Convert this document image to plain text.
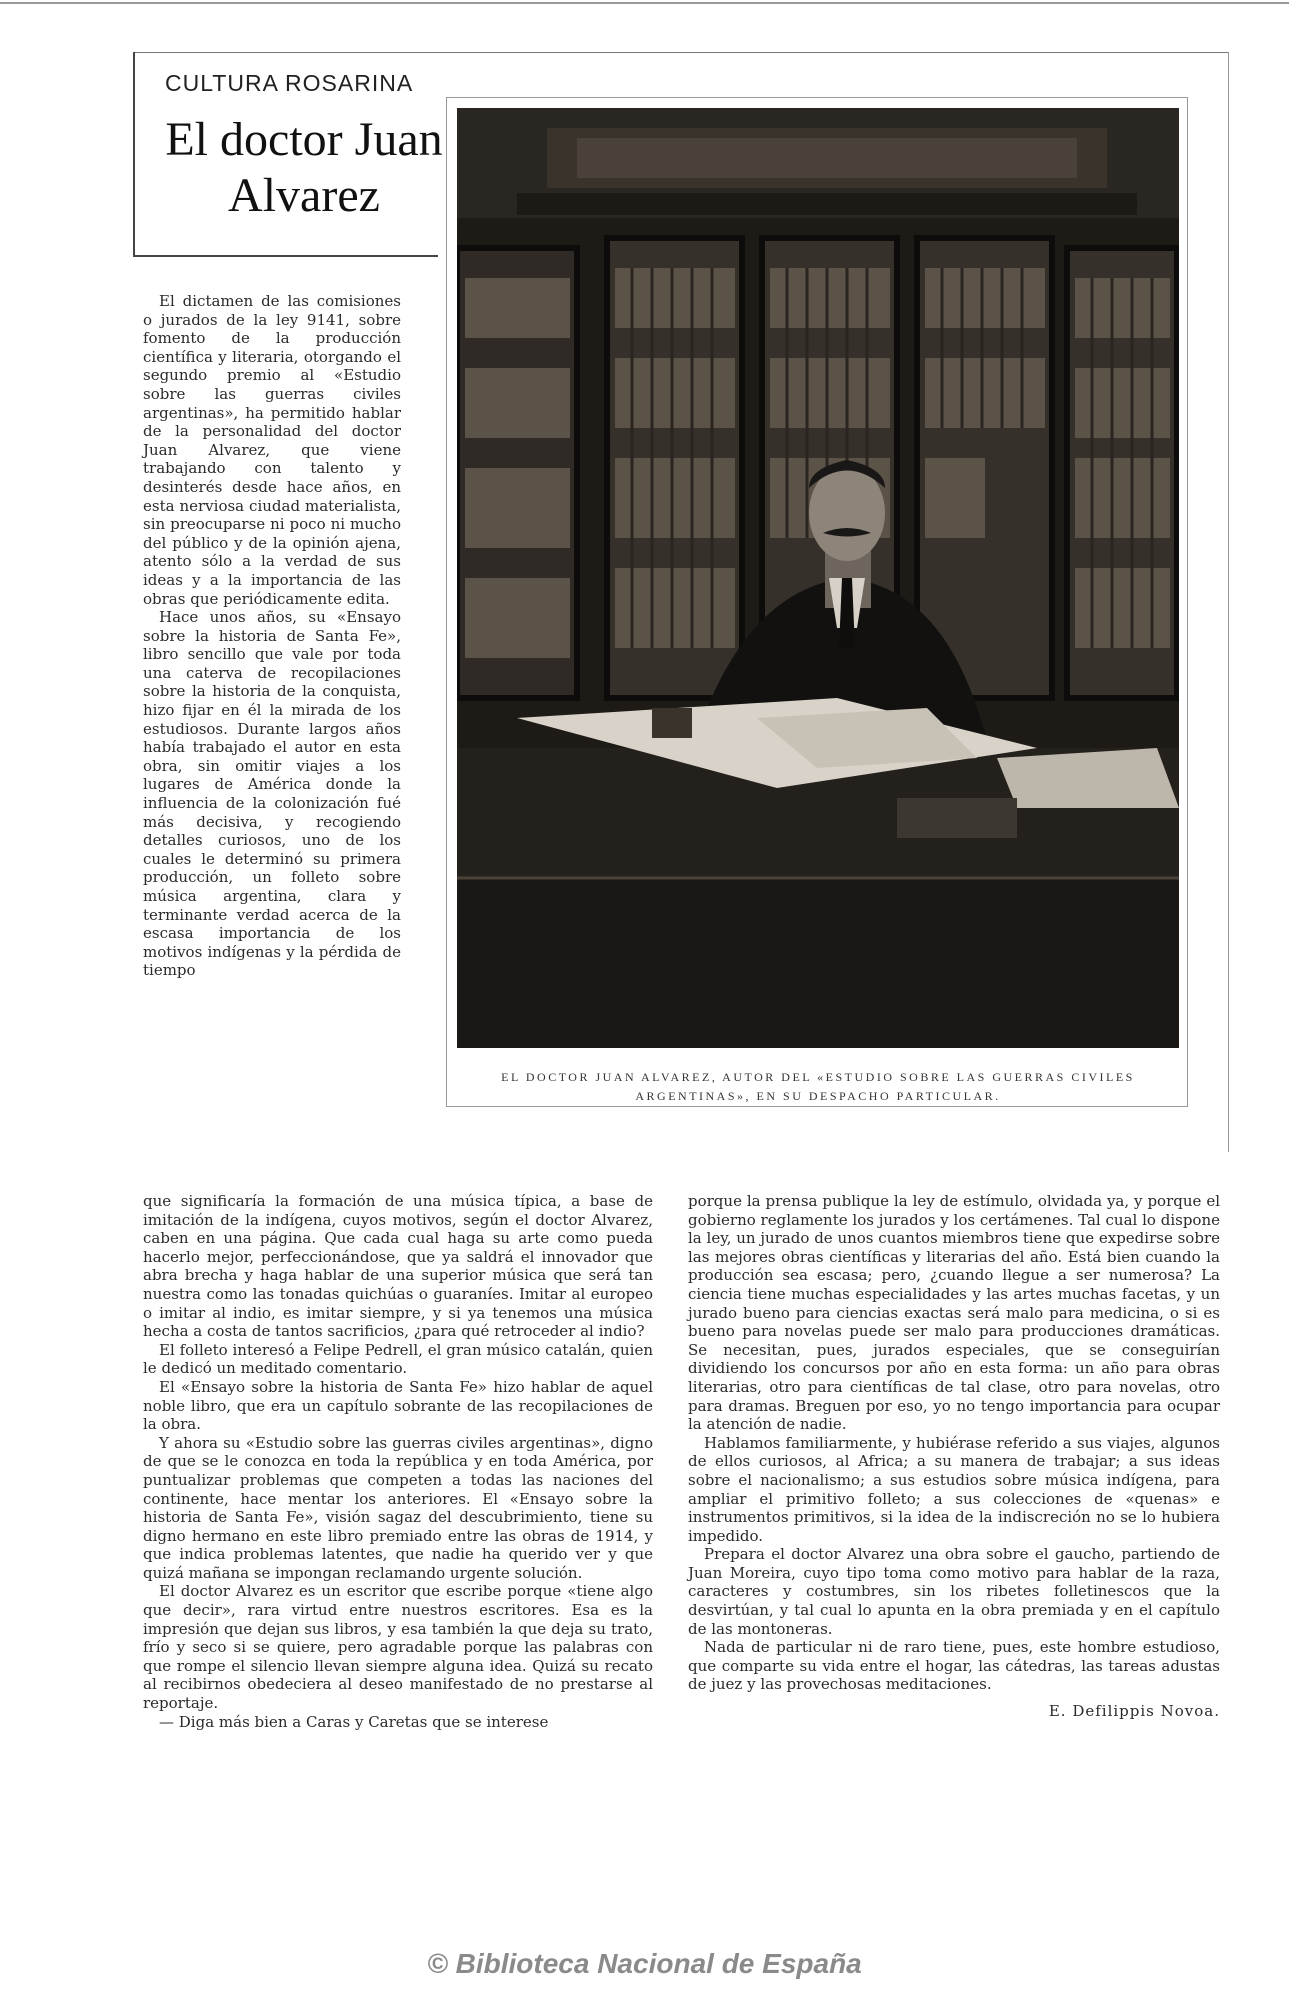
CULTURA ROSARINA
El doctor Juan Alvarez
EL DOCTOR JUAN ALVAREZ, AUTOR DEL «ESTUDIO SOBRE LAS GUERRAS CIVILES ARGENTINAS», EN SU DESPACHO PARTICULAR.

El dictamen de las comisiones o jurados de la ley 9141, sobre fomento de la producción científica y literaria, otorgando el segundo premio al «Estudio sobre las guerras civiles argentinas», ha permitido hablar de la personalidad del doctor Juan Alvarez, que viene trabajando con talento y desinterés desde hace años, en esta nerviosa ciudad materialista, sin preocuparse ni poco ni mucho del público y de la opinión ajena, atento sólo a la verdad de sus ideas y a la importancia de las obras que periódicamente edita.

Hace unos años, su «Ensayo sobre la historia de Santa Fe», libro sencillo que vale por toda una caterva de recopilaciones sobre la historia de la conquista, hizo fijar en él la mirada de los estudiosos. Durante largos años había trabajado el autor en esta obra, sin omitir viajes a los lugares de América donde la influencia de la colonización fué más decisiva, y recogiendo detalles curiosos, uno de los cuales le determinó su primera producción, un folleto sobre música argentina, clara y terminante verdad acerca de la escasa importancia de los motivos indígenas y la pérdida de tiempo

que significaría la formación de una música típica, a base de imitación de la indígena, cuyos motivos, según el doctor Alvarez, caben en una página. Que cada cual haga su arte como pueda hacerlo mejor, perfeccionándose, que ya saldrá el innovador que abra brecha y haga hablar de una superior música que será tan nuestra como las tonadas quichúas o guaraníes. Imitar al europeo o imitar al indio, es imitar siempre, y si ya tenemos una música hecha a costa de tantos sacrificios, ¿para qué retroceder al indio?

El folleto interesó a Felipe Pedrell, el gran músico catalán, quien le dedicó un meditado comentario.

El «Ensayo sobre la historia de Santa Fe» hizo hablar de aquel noble libro, que era un capítulo sobrante de las recopilaciones de la obra.

Y ahora su «Estudio sobre las guerras civiles argentinas», digno de que se le conozca en toda la república y en toda América, por puntualizar problemas que competen a todas las naciones del continente, hace mentar los anteriores. El «Ensayo sobre la historia de Santa Fe», visión sagaz del descubrimiento, tiene su digno hermano en este libro premiado entre las obras de 1914, y que indica problemas latentes, que nadie ha querido ver y que quizá mañana se impongan reclamando urgente solución.

El doctor Alvarez es un escritor que escribe porque «tiene algo que decir», rara virtud entre nuestros escritores. Esa es la impresión que dejan sus libros, y esa también la que deja su trato, frío y seco si se quiere, pero agradable porque las palabras con que rompe el silencio llevan siempre alguna idea. Quizá su recato al recibirnos obedeciera al deseo manifestado de no prestarse al reportaje.

— Diga más bien a Caras y Caretas que se interese

porque la prensa publique la ley de estímulo, olvidada ya, y porque el gobierno reglamente los jurados y los certámenes. Tal cual lo dispone la ley, un jurado de unos cuantos miembros tiene que expedirse sobre las mejores obras científicas y literarias del año. Está bien cuando la producción sea escasa; pero, ¿cuando llegue a ser numerosa? La ciencia tiene muchas especialidades y las artes muchas facetas, y un jurado bueno para ciencias exactas será malo para medicina, o si es bueno para novelas puede ser malo para producciones dramáticas. Se necesitan, pues, jurados especiales, que se conseguirían dividiendo los concursos por año en esta forma: un año para obras literarias, otro para científicas de tal clase, otro para novelas, otro para dramas. Breguen por eso, yo no tengo importancia para ocupar la atención de nadie.

Hablamos familiarmente, y hubiérase referido a sus viajes, algunos de ellos curiosos, al Africa; a su manera de trabajar; a sus ideas sobre el nacionalismo; a sus estudios sobre música indígena, para ampliar el primitivo folleto; a sus colecciones de «quenas» e instrumentos primitivos, si la idea de la indiscreción no se lo hubiera impedido.

Prepara el doctor Alvarez una obra sobre el gaucho, partiendo de Juan Moreira, cuyo tipo toma como motivo para hablar de la raza, caracteres y costumbres, sin los ribetes folletinescos que la desvirtúan, y tal cual lo apunta en la obra premiada y en el capítulo de las montoneras.

Nada de particular ni de raro tiene, pues, este hombre estudioso, que comparte su vida entre el hogar, las cátedras, las tareas adustas de juez y las provechosas meditaciones.

E. Defilippis Novoa.
© Biblioteca Nacional de España
